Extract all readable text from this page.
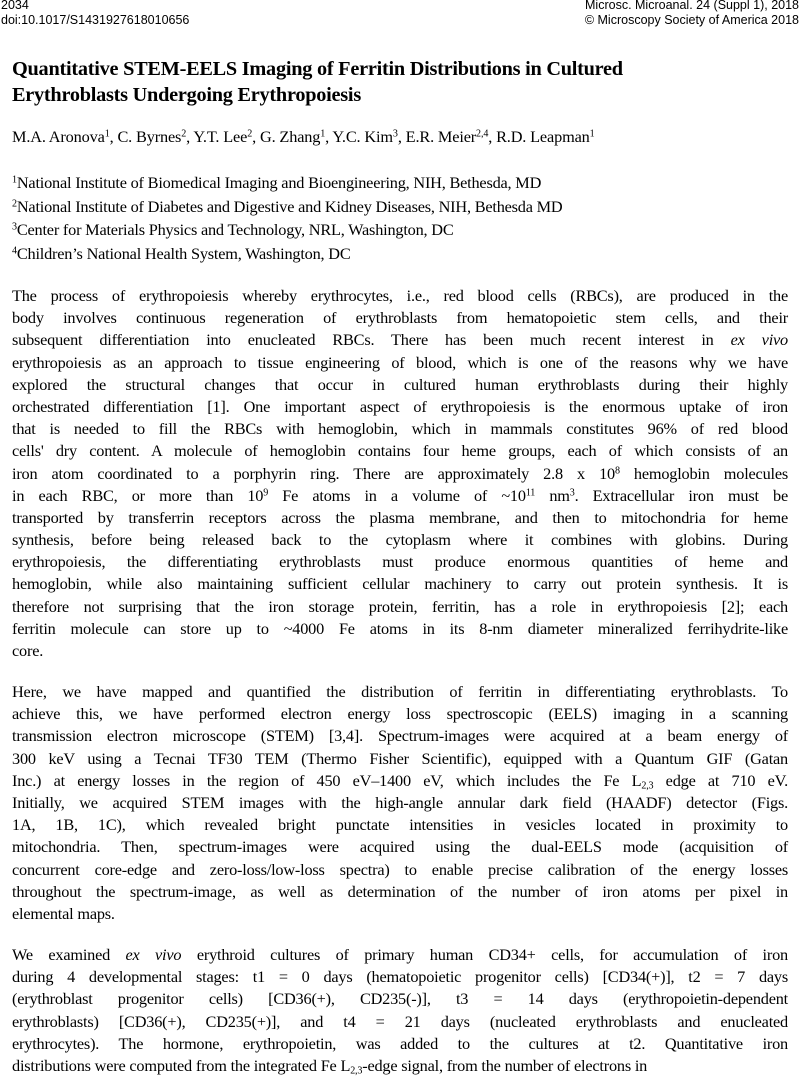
2034
doi:10.1017/S1431927618010656
Microsc. Microanal. 24 (Suppl 1), 2018
© Microscopy Society of America 2018
Quantitative STEM-EELS Imaging of Ferritin Distributions in Cultured
Erythroblasts Undergoing Erythropoiesis
M.A. Aronova$^1$, C. Byrnes$^2$, Y.T. Lee$^2$, G. Zhang$^1$, Y.C. Kim$^3$, E.R. Meier$^{2,4}$, R.D. Leapman$^1$
$^1$National Institute of Biomedical Imaging and Bioengineering, NIH, Bethesda, MD
$^2$National Institute of Diabetes and Digestive and Kidney Diseases, NIH, Bethesda MD
$^3$Center for Materials Physics and Technology, NRL, Washington, DC
$^4$Children’s National Health System, Washington, DC
The process of erythropoiesis whereby erythrocytes, i.e., red blood cells (RBCs), are produced in the
body involves continuous regeneration of erythroblasts from hematopoietic stem cells, and their
subsequent differentiation into enucleated RBCs. There has been much recent interest in ex vivo
erythropoiesis as an approach to tissue engineering of blood, which is one of the reasons why we have
explored the structural changes that occur in cultured human erythroblasts during their highly
orchestrated differentiation [1]. One important aspect of erythropoiesis is the enormous uptake of iron
that is needed to fill the RBCs with hemoglobin, which in mammals constitutes 96% of red blood
cells' dry content. A molecule of hemoglobin contains four heme groups, each of which consists of an
iron atom coordinated to a porphyrin ring. There are approximately 2.8 x $10^8$ hemoglobin molecules
in each RBC, or more than $10^9$ Fe atoms in a volume of $\sim 10^{11}$ $nm^3$. Extracellular iron must be
transported by transferrin receptors across the plasma membrane, and then to mitochondria for heme
synthesis, before being released back to the cytoplasm where it combines with globins. During
erythropoiesis, the differentiating erythroblasts must produce enormous quantities of heme and
hemoglobin, while also maintaining sufficient cellular machinery to carry out protein synthesis. It is
therefore not surprising that the iron storage protein, ferritin, has a role in erythropoiesis [2]; each
ferritin molecule can store up to ~4000 Fe atoms in its 8-nm diameter mineralized ferrihydrite-like
core.
Here, we have mapped and quantified the distribution of ferritin in differentiating erythroblasts. To
achieve this, we have performed electron energy loss spectroscopic (EELS) imaging in a scanning
transmission electron microscope (STEM) [3,4]. Spectrum-images were acquired at a beam energy of
300 keV using a Tecnai TF30 TEM (Thermo Fisher Scientific), equipped with a Quantum GIF (Gatan
Inc.) at energy losses in the region of 450 eV–1400 eV, which includes the Fe $L_{2,3}$ edge at 710 eV.
Initially, we acquired STEM images with the high-angle annular dark field (HAADF) detector (Figs.
1A, 1B, 1C), which revealed bright punctate intensities in vesicles located in proximity to
mitochondria. Then, spectrum-images were acquired using the dual-EELS mode (acquisition of
concurrent core-edge and zero-loss/low-loss spectra) to enable precise calibration of the energy losses
throughout the spectrum-image, as well as determination of the number of iron atoms per pixel in
elemental maps.
We examined ex vivo erythroid cultures of primary human CD34+ cells, for accumulation of iron
during 4 developmental stages: t1 = 0 days (hematopoietic progenitor cells) [CD34(+)], t2 = 7 days
(erythroblast progenitor cells) [CD36(+), CD235(-)], t3 = 14 days (erythropoietin-dependent
erythroblasts) [CD36(+), CD235(+)], and t4 = 21 days (nucleated erythroblasts and enucleated
erythrocytes). The hormone, erythropoietin, was added to the cultures at t2. Quantitative iron
distributions were computed from the integrated Fe $L_{2,3}$-edge signal, from the number of electrons in
